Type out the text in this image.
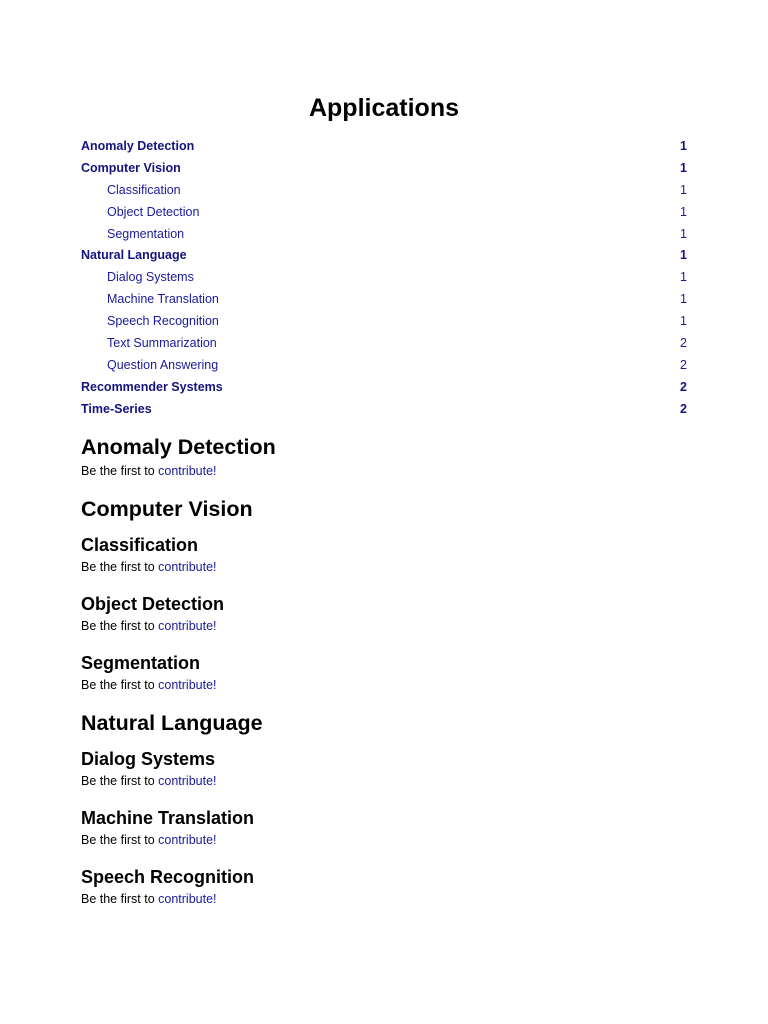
Applications
Anomaly Detection	1
Computer Vision	1
Classification	1
Object Detection	1
Segmentation	1
Natural Language	1
Dialog Systems	1
Machine Translation	1
Speech Recognition	1
Text Summarization	2
Question Answering	2
Recommender Systems	2
Time-Series	2
Anomaly Detection

Be the first to contribute!

Computer Vision
Classification

Be the first to contribute!

Object Detection

Be the first to contribute!

Segmentation

Be the first to contribute!

Natural Language
Dialog Systems

Be the first to contribute!

Machine Translation

Be the first to contribute!

Speech Recognition

Be the first to contribute!
